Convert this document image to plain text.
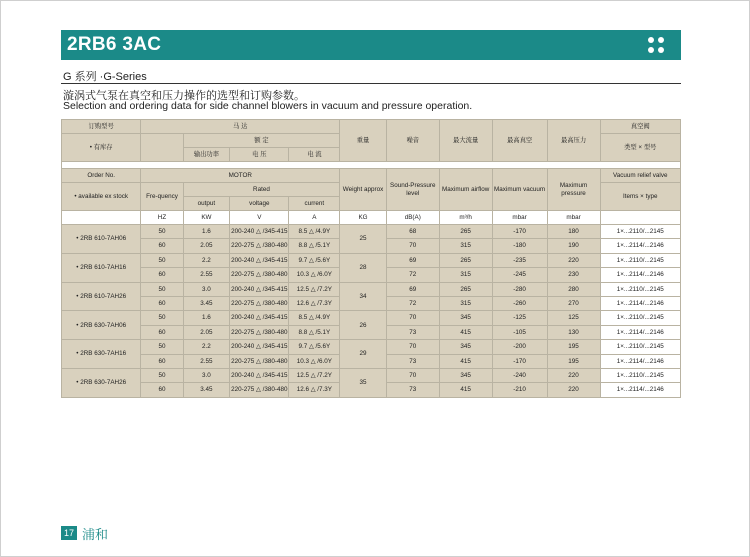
2RB6 3AC
G 系列 ·G-Series
漩涡式气泵在真空和压力操作的选型和订购参数。
Selection and ordering data for side channel blowers in vacuum and pressure operation.
订购型号	马 达				重量	噪音	最大流量	最高真空	最高压力	真空阀
• 有库存		额 定								类型 × 型号
		输出功率	电 压	电 流						

Order No.	MOTOR				Weight approx	Sound-Pressure level	Maximum airflow	Maximum vacuum	Maximum pressure	Vacuum relief valve
• available ex stock	Fre-quency	Rated								Items × type
		output	voltage	current						
	HZ	KW	V	A	KG	dB(A)	m³/h	mbar	mbar	
• 2RB 610-7AH06	50	1.6	200-240 △ /345-415	8.5 △ /4.9Y	25	68	265	-170	180	1×...2110/...2145
	60	2.05	220-275 △ /380-480	8.8 △ /5.1Y		70	315	-180	190	1×...2114/...2146
• 2RB 610-7AH16	50	2.2	200-240 △ /345-415	9.7 △ /5.6Y	28	69	265	-235	220	1×...2110/...2145
	60	2.55	220-275 △ /380-480	10.3 △ /6.0Y		72	315	-245	230	1×...2114/...2146
• 2RB 610-7AH26	50	3.0	200-240 △ /345-415	12.5 △ /7.2Y	34	69	265	-280	280	1×...2110/...2145
	60	3.45	220-275 △ /380-480	12.6 △ /7.3Y		72	315	-260	270	1×...2114/...2146
• 2RB 630-7AH06	50	1.6	200-240 △ /345-415	8.5 △ /4.9Y	26	70	345	-125	125	1×...2110/...2145
	60	2.05	220-275 △ /380-480	8.8 △ /5.1Y		73	415	-105	130	1×...2114/...2146
• 2RB 630-7AH16	50	2.2	200-240 △ /345-415	9.7 △ /5.6Y	29	70	345	-200	195	1×...2110/...2145
	60	2.55	220-275 △ /380-480	10.3 △ /6.0Y		73	415	-170	195	1×...2114/...2146
• 2RB 630-7AH26	50	3.0	200-240 △ /345-415	12.5 △ /7.2Y	35	70	345	-240	220	1×...2110/...2145
	60	3.45	220-275 △ /380-480	12.6 △ /7.3Y		73	415	-210	220	1×...2114/...2146
17 浦和
